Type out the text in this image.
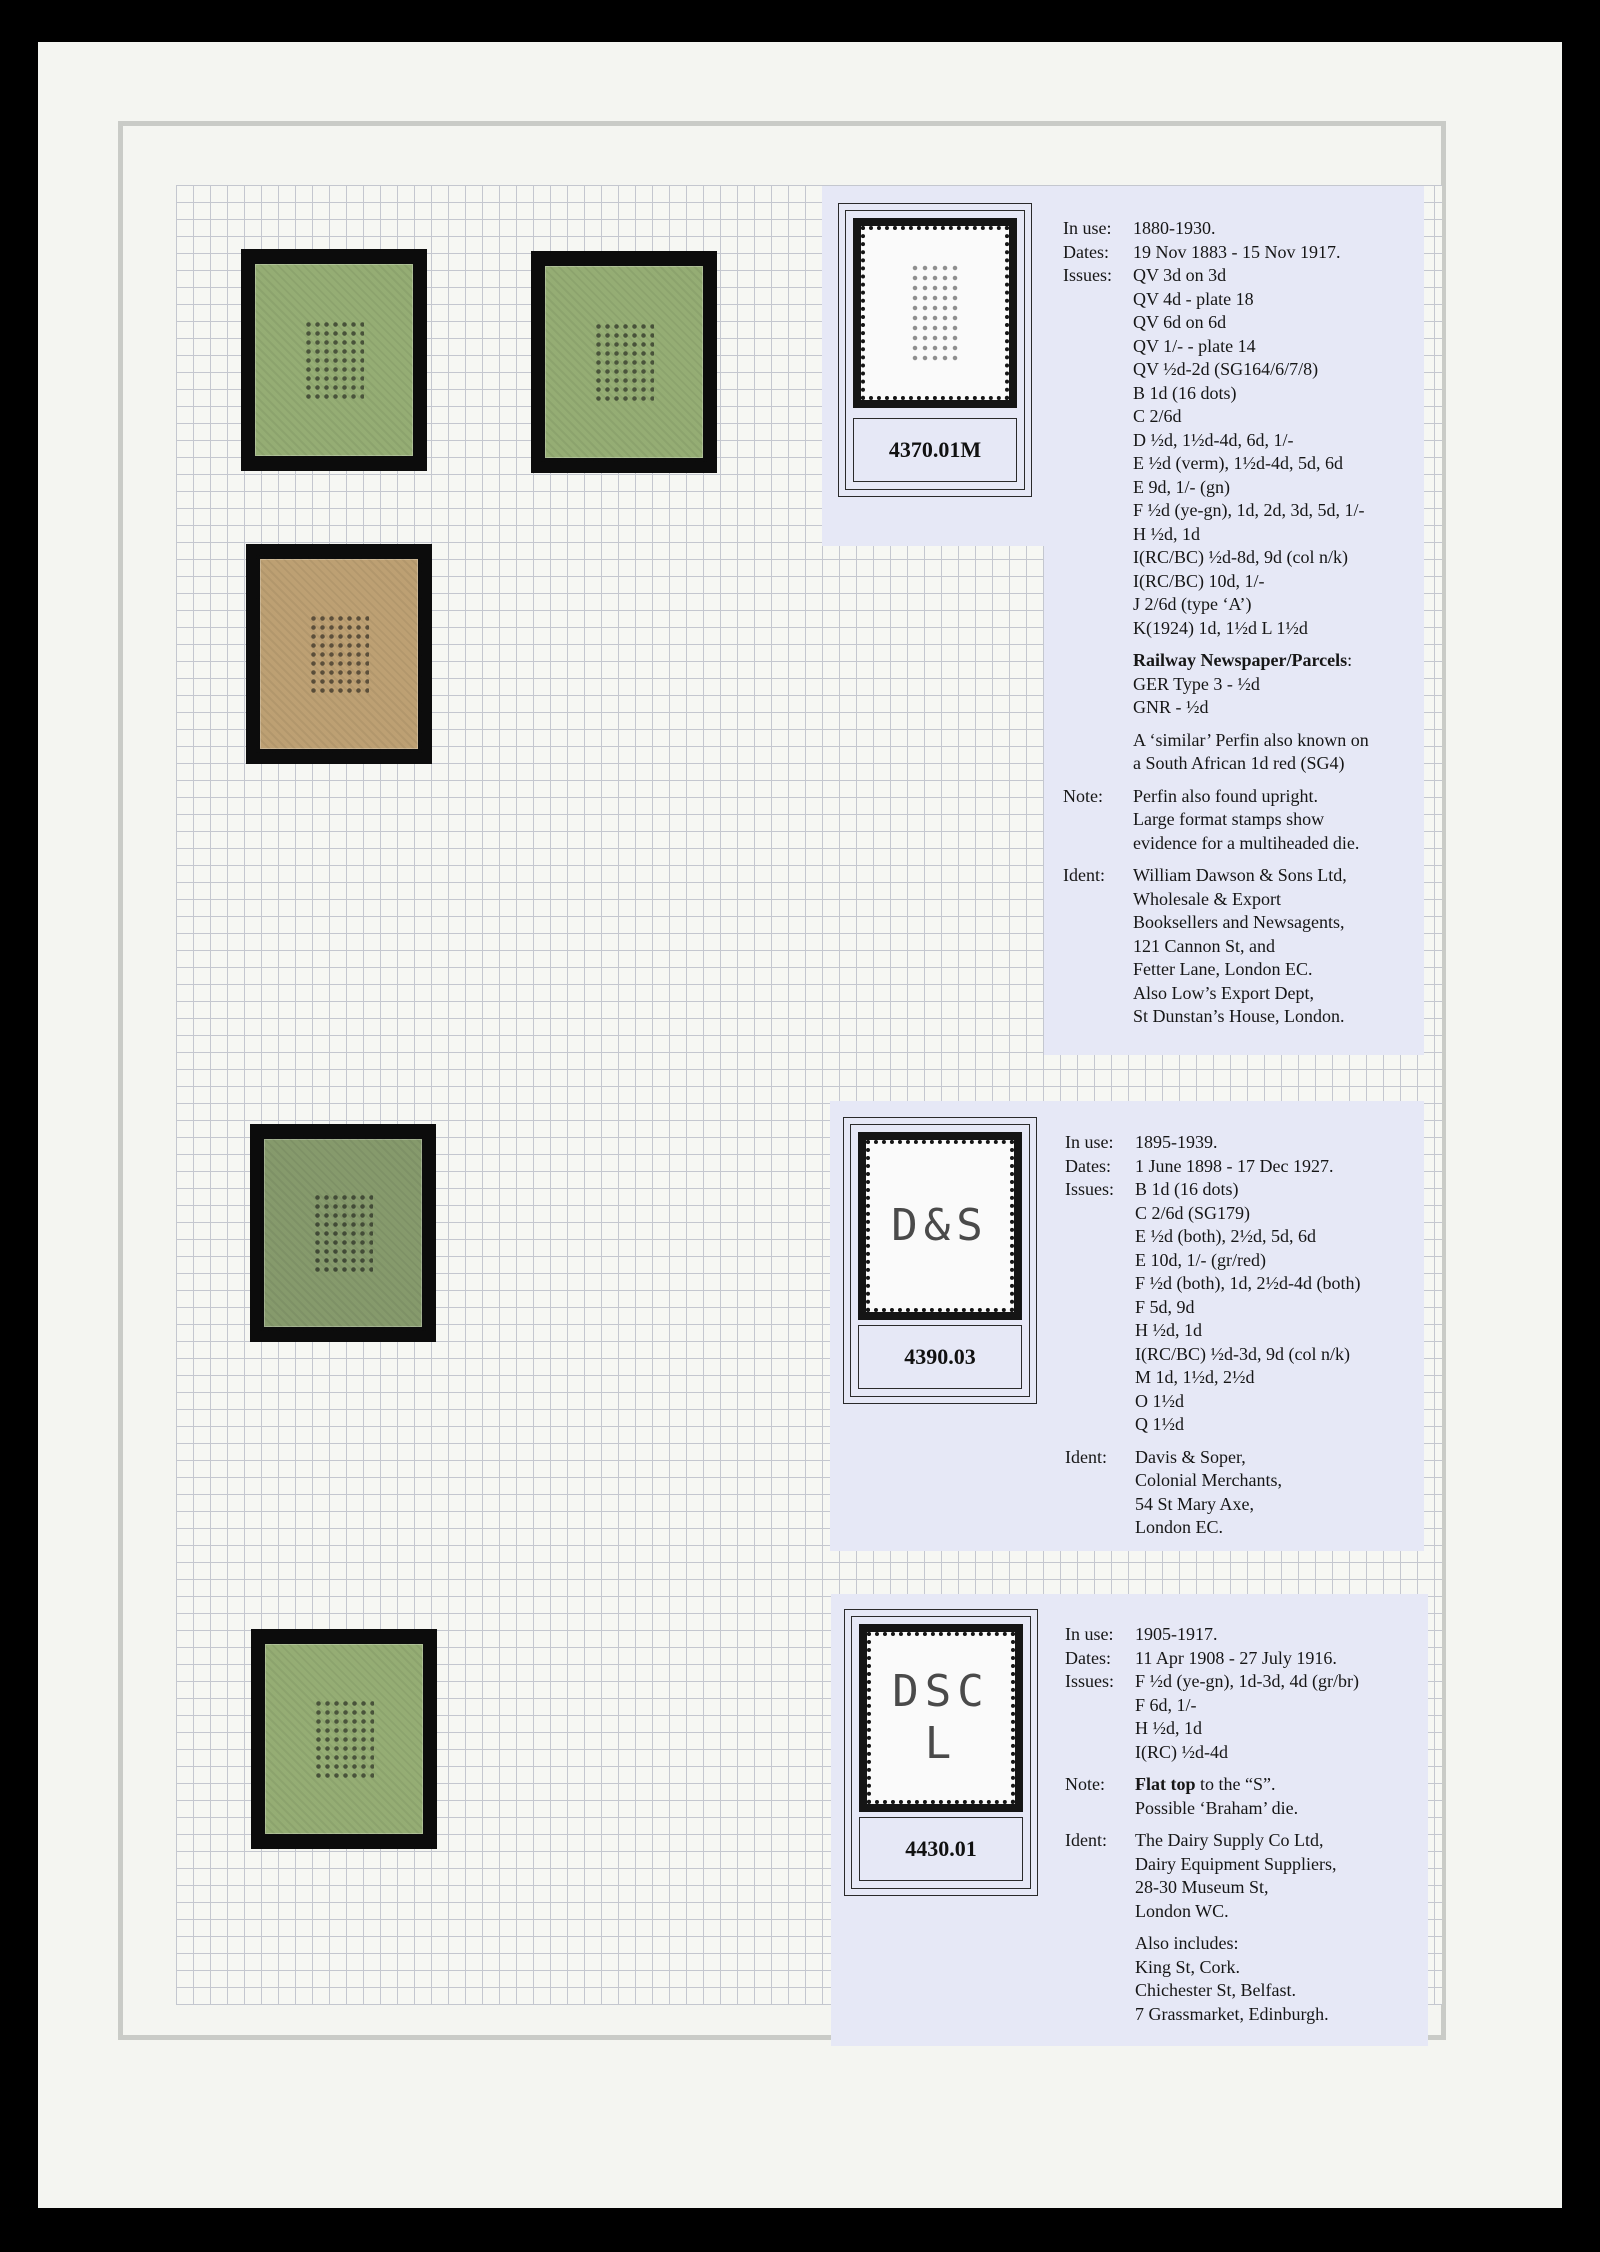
4370.01M
In use:	1880-1930.
Dates:	19 Nov 1883 - 15 Nov 1917.
Issues:	QV 3d on 3d
QV 4d - plate 18
QV 6d on 6d
QV 1/- - plate 14
QV ½d-2d (SG164/6/7/8)
B 1d (16 dots)
C 2/6d
D ½d, 1½d-4d, 6d, 1/-
E ½d (verm), 1½d-4d, 5d, 6d
E 9d, 1/- (gn)
F ½d (ye-gn), 1d, 2d, 3d, 5d, 1/-
H ½d, 1d
I(RC/BC) ½d-8d, 9d (col n/k)
I(RC/BC) 10d, 1/-
J 2/6d (type ‘A’)
K(1924) 1d, 1½d L 1½d
Railway Newspaper/Parcels:
GER Type 3 - ½d
GNR - ½d
A ‘similar’ Perfin also known on
a South African 1d red (SG4)
Note:	Perfin also found upright.
Large format stamps show
evidence for a multiheaded die.
Ident:	William Dawson & Sons Ltd,
Wholesale & Export
Booksellers and Newsagents,
121 Cannon St, and
Fetter Lane, London EC.
Also Low’s Export Dept,
St Dunstan’s House, London.
D&S
4390.03
In use:	1895-1939.
Dates:	1 June 1898 - 17 Dec 1927.
Issues:	B 1d (16 dots)
C 2/6d (SG179)
E ½d (both), 2½d, 5d, 6d
E 10d, 1/- (gr/red)
F ½d (both), 1d, 2½d-4d (both)
F 5d, 9d
H ½d, 1d
I(RC/BC) ½d-3d, 9d (col n/k)
M 1d, 1½d, 2½d
O 1½d
Q 1½d
Ident:	Davis & Soper,
Colonial Merchants,
54 St Mary Axe,
London EC.
DSC
L
4430.01
In use:	1905-1917.
Dates:	11 Apr 1908 - 27 July 1916.
Issues:	F ½d (ye-gn), 1d-3d, 4d (gr/br)
F 6d, 1/-
H ½d, 1d
I(RC) ½d-4d
Note:	Flat top to the “S”.
Possible ‘Braham’ die.
Ident:	The Dairy Supply Co Ltd,
Dairy Equipment Suppliers,
28-30 Museum St,
London WC.
Also includes:
King St, Cork.
Chichester St, Belfast.
7 Grassmarket, Edinburgh.
